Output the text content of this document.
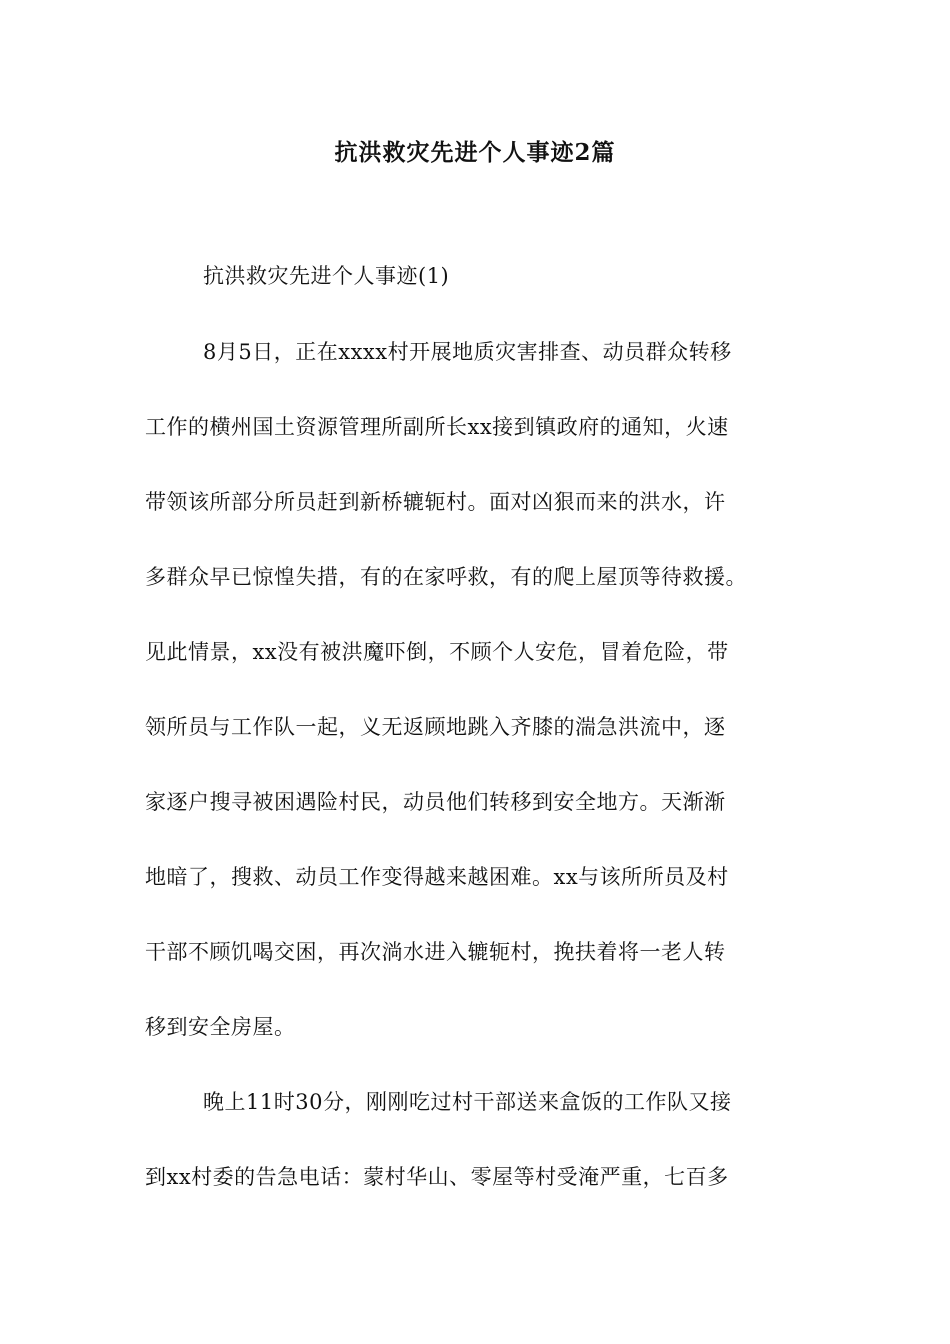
抗洪救灾先进个人事迹2篇
抗洪救灾先进个人事迹(1)
8月5日，正在xxxx村开展地质灾害排查、动员群众转移
工作的横州国土资源管理所副所长xx接到镇政府的通知，火速
带领该所部分所员赶到新桥辘轭村。面对凶狠而来的洪水，许
多群众早已惊惶失措，有的在家呼救，有的爬上屋顶等待救援。
见此情景，xx没有被洪魔吓倒，不顾个人安危，冒着危险，带
领所员与工作队一起，义无返顾地跳入齐膝的湍急洪流中，逐
家逐户搜寻被困遇险村民，动员他们转移到安全地方。天渐渐
地暗了，搜救、动员工作变得越来越困难。xx与该所所员及村
干部不顾饥喝交困，再次淌水进入辘轭村，挽扶着将一老人转
移到安全房屋。
晚上11时30分，刚刚吃过村干部送来盒饭的工作队又接
到xx村委的告急电话：蒙村华山、零屋等村受淹严重，七百多
